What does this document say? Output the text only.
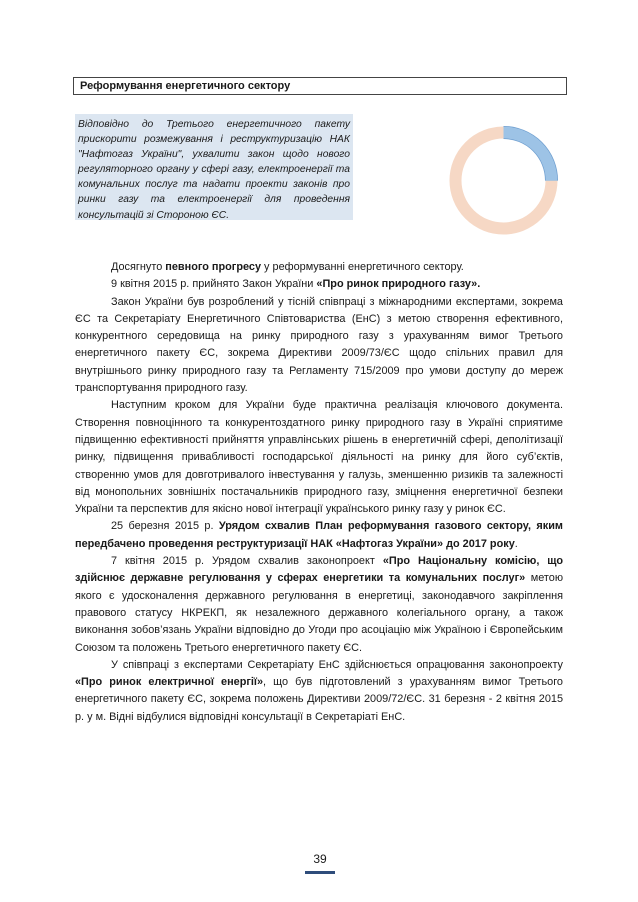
Реформування енергетичного сектору
Відповідно до Третього енергетичного пакету прискорити розмежування і реструктуризацію НАК "Нафтогаз України", ухвалити закон щодо нового регуляторного органу у сфері газу, електроенергії та комунальних послуг та надати проекти законів про ринки газу та електроенергії для проведення консультацій зі Стороною ЄС.

Досягнуто певного прогресу у реформуванні енергетичного сектору.

9 квітня 2015 р. прийнято Закон України «Про ринок природного газу».

Закон України був розроблений у тісній співпраці з міжнародними експертами, зокрема ЄС та Секретаріату Енергетичного Співтовариства (ЕнС) з метою створення ефективного, конкурентного середовища на ринку природного газу з урахуванням вимог Третього енергетичного пакету ЄС, зокрема Директиви 2009/73/ЄС щодо спільних правил для внутрішнього ринку природного газу та Регламенту 715/2009 про умови доступу до мереж транспортування природного газу.

Наступним кроком для України буде практична реалізація ключового документа. Створення повноцінного та конкурентоздатного ринку природного газу в Україні сприятиме підвищенню ефективності прийняття управлінських рішень в енергетичній сфері, деполітизації ринку, підвищення привабливості господарської діяльності на ринку для його суб’єктів, створенню умов для довготривалого інвестування у галузь, зменшенню ризиків та залежності від монопольних зовнішніх постачальників природного газу, зміцнення енергетичної безпеки України та перспектив для якісно нової інтеграції українського ринку газу у ринок ЄС.

25 березня 2015 р. Урядом схвалив План реформування газового сектору, яким передбачено проведення реструктуризації НАК «Нафтогаз України» до 2017 року.

7 квітня 2015 р. Урядом схвалив законопроект «Про Національну комісію, що здійснює державне регулювання у сферах енергетики та комунальних послуг» метою якого є удосконалення державного регулювання в енергетиці, законодавчого закріплення правового статусу НКРЕКП, як незалежного державного колегіального органу, а також виконання зобов’язань України відповідно до Угоди про асоціацію між Україною і Європейським Союзом та положень Третього енергетичного пакету ЄС.

У співпраці з експертами Секретаріату ЕнС здійснюється опрацювання законопроекту «Про ринок електричної енергії», що був підготовлений з урахуванням вимог Третього енергетичного пакету ЄС, зокрема положень Директиви 2009/72/ЄС. 31 березня - 2 квітня 2015 р. у м. Відні відбулися відповідні консультації в Секретаріаті ЕнС.

39
